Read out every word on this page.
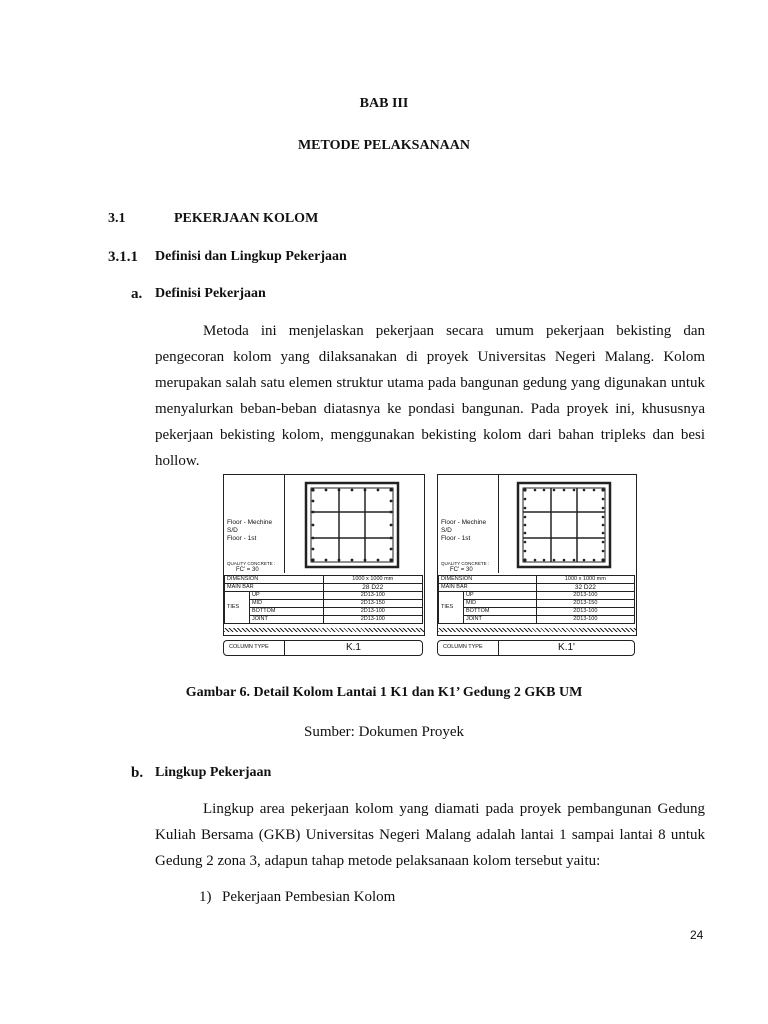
BAB III
METODE PELAKSANAAN
3.1	PEKERJAAN KOLOM
3.1.1 Definisi dan Lingkup Pekerjaan
a. Definisi Pekerjaan
Metoda ini menjelaskan pekerjaan secara umum pekerjaan bekisting dan pengecoran kolom yang dilaksanakan di proyek Universitas Negeri Malang. Kolom merupakan salah satu elemen struktur utama pada bangunan gedung yang digunakan untuk menyalurkan beban-beban diatasnya ke pondasi bangunan. Pada proyek ini, khususnya pekerjaan bekisting kolom, menggunakan bekisting kolom dari bahan tripleks dan besi hollow.
Floor - Mechine
S/D
Floor - 1st
QUALITY CONCRETE :
FC' = 30
DIMENSION		1000 x 1000 mm
MAIN BAR		28 D22
TIES	UP	2D13-100
	MID	2D13-150
	BOTTOM	2D13-100
	JOINT	2D13-100
COLUMN TYPE	K.1
Floor - Mechine
S/D
Floor - 1st
QUALITY CONCRETE :
FC' = 30
DIMENSION		1000 x 1000 mm
MAIN BAR		32 D22
TIES	UP	2D13-100
	MID	2D13-150
	BOTTOM	2D13-100
	JOINT	2D13-100
COLUMN TYPE	K.1'
Gambar 6. Detail Kolom Lantai 1 K1 dan K1’ Gedung 2 GKB UM
Sumber: Dokumen Proyek
b. Lingkup Pekerjaan
Lingkup area pekerjaan kolom yang diamati pada proyek pembangunan Gedung Kuliah Bersama (GKB) Universitas Negeri Malang adalah lantai 1 sampai lantai 8 untuk Gedung 2 zona 3, adapun tahap metode pelaksanaan kolom tersebut yaitu:
1) Pekerjaan Pembesian Kolom
24
